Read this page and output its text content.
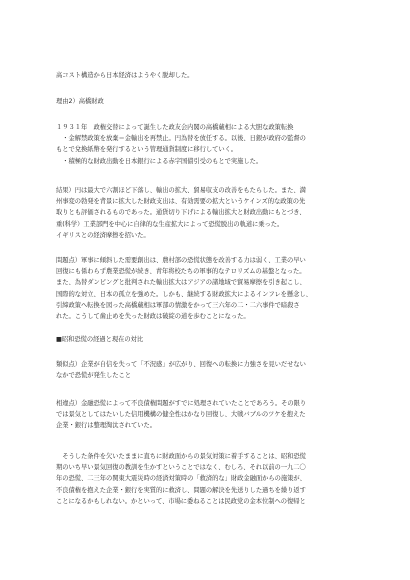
高コスト構造から日本経済はようやく脱却した。
理由2）高橋財政
１９３１年　政権交替によって誕生した政友会内閣の高橋蔵相による大胆な政策転換
　・金解禁政策を放棄＝金輸出を再禁止。円為替を放任する。以後、日銀が政府の監督の
もとで兌換紙幣を発行するという管理通貨制度に移行していく。
　・積極的な財政出動を日本銀行による赤字国債引受のもとで実施した。
結果）円は最大で六割ほど下落し、輸出の拡大、貿易収支の改善をもたらした。また、満
州事変の勃発を背景に拡大した財政支出は、有効需要の拡大というケインズ的な政策の先
取りとも評価されるものであった。通貨切り下げによる輸出拡大と財政出動にもとづき、
重(科学）工業部門を中心に自律的な生産拡大によって恐慌脱出の軌道に乗った。
イギリスとの経済摩擦を招いた。
問題点）軍事に傾斜した需要創出は、農村部の恐慌状態を改善する力は弱く、工業の早い
回復にも係わらず農業恐慌が続き、青年将校たちの軍事的なテロリズムの基盤となった。
また、為替ダンピングと批判された輸出拡大はアジアの諸地域で貿易摩擦を引き起こし、
国際的な対立、日本の孤立を強めた。しかも、継続する財政拡大によるインフレを懸念し、
引締政策へ転換を図った高橋蔵相は軍部の情激をかって三六年の二・二六事件で暗殺さ
れた。こうして歯止めを失った財政は破綻の道を歩むことになった。
■昭和恐慌の経過と現在の対比
類似点）企業が自信を失って「不況感」が広がり、回復への転換に力強さを見いだせない
なかで恐慌が発生したこと
相違点）金融恐慌によって不良債権問題がすでに処理されていたことであろう。その限り
では景気としてはたいした信用機構の健全性はかなり回復し、大戦バブルのツケを抱えた
企業・銀行は整理淘汰されていた。
　そうした条件を欠いたままに直ちに財政面からの景気対策に着手することは、昭和恐慌
期のいち早い景気回復の教訓を生かすということではなく、むしろ、それ以前の一九二〇
年の恐慌、二三年の関東大震災時の経済対策時の「救済的な」財政金融面からの施策が、
不良債権を抱えた企業・銀行を実質的に救済し、問題の解決を先送りした過ちを繰り返す
ことになるかもしれない。かといって、市場に委ねることは民政党の金本位制への復帰と
